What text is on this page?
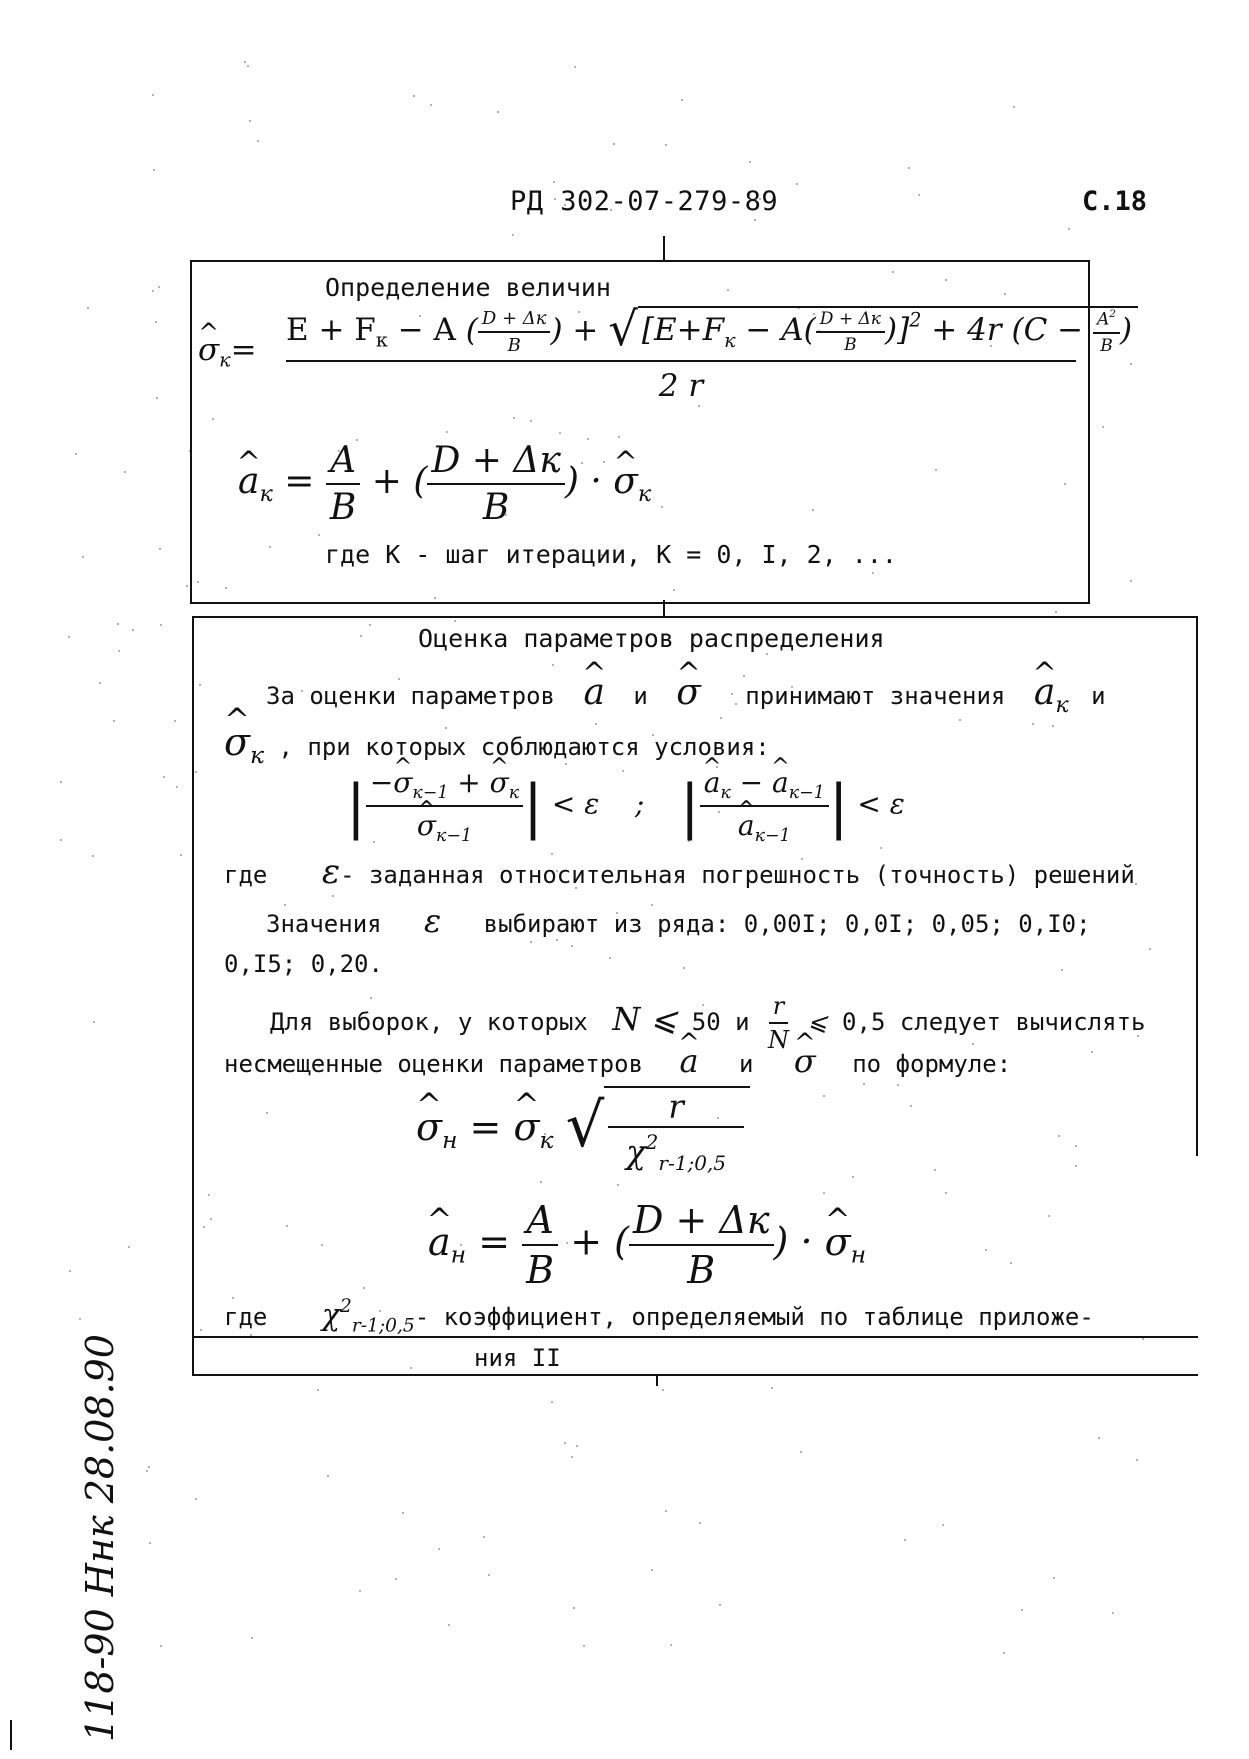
РД 302-07-279-89	С.18
Определение величин
^ $\sigma_к=$
$E + F_к - A$ ( $\frac{D + \Delta к}{B}$ ) + √ $[E+F_к - A( \frac{D + \Delta к}{B} )]^2 + 4r$ ($C - \frac{A^2}{B}$ )
2 r
^ $a_к = \frac{A}{B}$ + ( $\frac{D + \Delta к}{B}$ ) · ^ $\sigma_к$
где К - шаг итерации, К = 0, I, 2, ...
Оценка параметров распределения
За оценки параметров ^ a и ^ σ принимают значения ^ $a_к$ и
^ $\sigma_к$ , при которых соблюдаются условия:
| −^ $\sigma_{к-1}$ + ^ $\sigma_к$
^ $\sigma_{к-1}$ | < ε    ;    | ^ $a_к$ − ^ $a_{к-1}$
^ $a_{к-1}$ | < ε
где ε- заданная относительная погрешность (точность) решений
Значения ε выбирают из ряда: 0,00I; 0,0I; 0,05; 0,I0;
0,I5; 0,20.
Для выборок, у которых N ⩽ 50 и $\frac{r}{N}$ ⩽ 0,5 следует вычислять
несмещенные оценки параметров ^ a и ^ σ по формуле:
^ $\sigma_н$ = ^ $\sigma_к$ √ $\frac{r}{\chi^2_{r-1;0,5}}$
^ $a_н = \frac{A}{B}$ + ( $\frac{D + \Delta к}{B}$ ) · ^ $\sigma_н$
где $\chi^2_{r-1;0,5}-$ коэффициент, определяемый по таблице приложе-
ния II
118-90 Ннк 28.08.90
